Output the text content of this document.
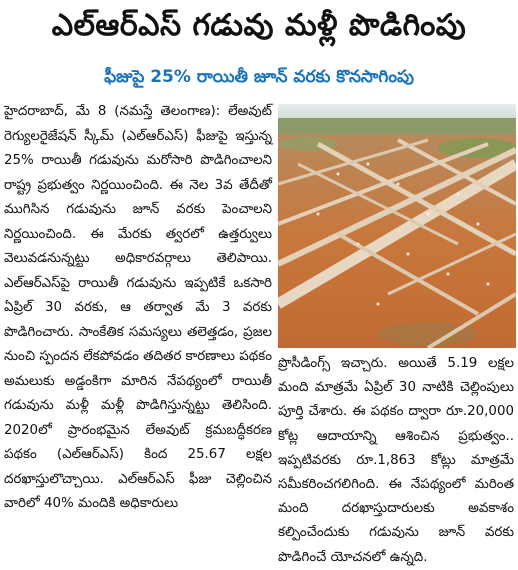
ఎల్‌ఆర్‌ఎస్‌ గడువు మళ్లీ పొడిగింపు
ఫీజుపై 25% రాయితీ జూన్‌ వరకు కొనసాగింపు

హైదరాబాద్‌, మే 8 (నమస్తే తెలంగాణ): లేఅవుట్‌ రెగ్యులరైజేషన్‌ స్కీమ్‌ (ఎల్‌ఆర్‌ఎస్‌) ఫీజుపై ఇస్తున్న 25% రాయితీ గడువును మరోసారి పొడిగించాలని రాష్ట్ర ప్రభుత్వం నిర్ణయించింది. ఈ నెల 3వ తేదీతో ముగిసిన గడువును జూన్‌ వరకు పెంచాలని నిర్ణయించింది. ఈ మేరకు త్వరలో ఉత్తర్వులు వెలువడనున్నట్టు అధికారవర్గాలు తెలిపాయి. ఎల్‌ఆర్‌ఎస్‌పై రాయితీ గడువును ఇప్పటికే ఒకసారి ఏప్రిల్‌ 30 వరకు, ఆ తర్వాత మే 3 వరకు పొడిగించారు. సాంకేతిక సమస్యలు తలెత్తడం, ప్రజల నుంచి స్పందన లేకపోవడం తదితర కారణాలు పథకం అమలుకు అడ్డంకిగా మారిన నేపథ్యంలో రాయితీ గడువును మళ్లీ మళ్లీ పొడిగిస్తున్నట్టు తెలిసింది. 2020లో ప్రారంభమైన లేఅవుట్‌ క్రమబద్ధీకరణ పథకం (ఎల్‌ఆర్‌ఎస్‌) కింద 25.67 లక్షల దరఖాస్తులొచ్చాయి. ఎల్‌ఆర్‌ఎస్‌ ఫీజు చెల్లించిన వారిలో 40% మందికి అధికారులు

ప్రొసీడింగ్స్‌ ఇచ్చారు. అయితే 5.19 లక్షల మంది మాత్రమే ఏప్రిల్‌ 30 నాటికి చెల్లింపులు పూర్తి చేశారు. ఈ పథకం ద్వారా రూ.20,000 కోట్ల ఆదాయాన్ని ఆశించిన ప్రభుత్వం.. ఇప్పటివరకు రూ.1,863 కోట్లు మాత్రమే సమీకరించగలిగింది. ఈ నేపథ్యంలో మరింత మంది దరఖాస్తుదారులకు అవకాశం కల్పించేందుకు గడువును జూన్‌ వరకు పొడిగించే యోచనలో ఉన్నది.
